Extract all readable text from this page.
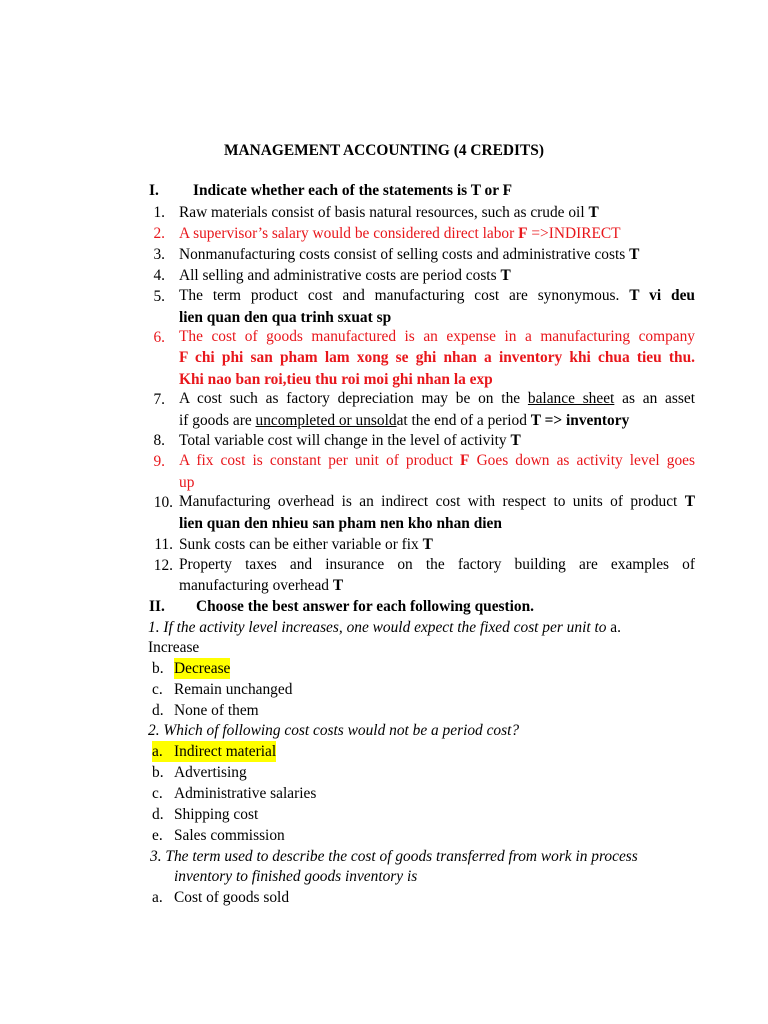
MANAGEMENT ACCOUNTING (4 CREDITS)
I. Indicate whether each of the statements is T or F
1. Raw materials consist of basis natural resources, such as crude oil T
2. A supervisor’s salary would be considered direct labor F =>INDIRECT
3. Nonmanufacturing costs consist of selling costs and administrative costs T
4. All selling and administrative costs are period costs T
5. The term product cost and manufacturing cost are synonymous. T vi deu
lien quan den qua trinh sxuat sp
6. The cost of goods manufactured is an expense in a manufacturing company
F chi phi san pham lam xong se ghi nhan a inventory khi chua tieu thu.
Khi nao ban roi,tieu thu roi moi ghi nhan la exp
7. A cost such as factory depreciation may be on the balance sheet as an asset
if goods are uncompleted or unsoldat the end of a period T => inventory
8. Total variable cost will change in the level of activity T
9. A fix cost is constant per unit of product F Goes down as activity level goes
up
10. Manufacturing overhead is an indirect cost with respect to units of product T
lien quan den nhieu san pham nen kho nhan dien
11. Sunk costs can be either variable or fix T
12. Property taxes and insurance on the factory building are examples of
manufacturing overhead T
II. Choose the best answer for each following question.
1. If the activity level increases, one would expect the fixed cost per unit to a.
Increase
b. Decrease
c. Remain unchanged
d. None of them
2. Which of following cost costs would not be a period cost?
a. Indirect material
b. Advertising
c. Administrative salaries
d. Shipping cost
e. Sales commission
3. The term used to describe the cost of goods transferred from work in process
inventory to finished goods inventory is
a. Cost of goods sold
